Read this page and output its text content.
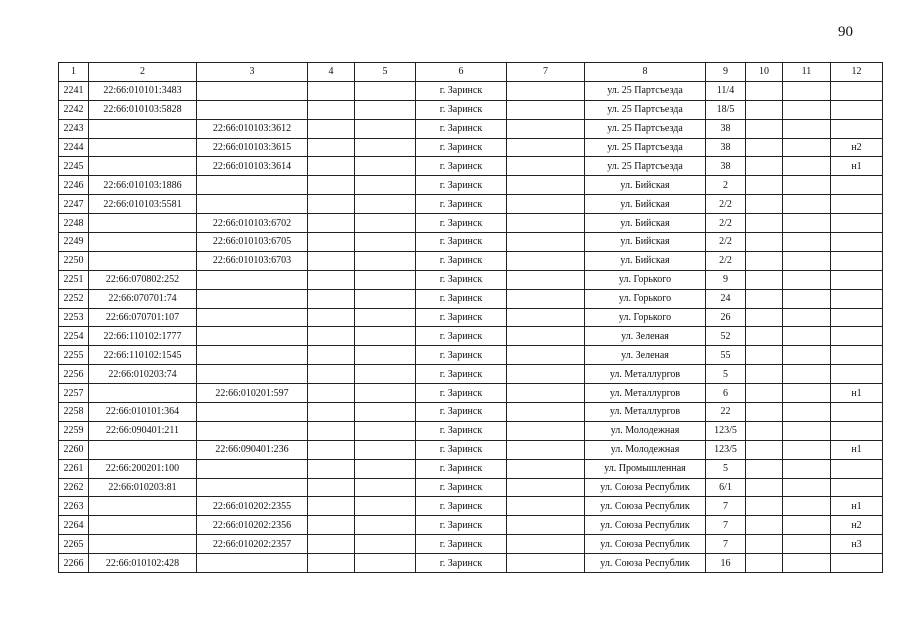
90
1	2	3	4	5	6	7	8	9	10	11	12
2241	22:66:010101:3483				г. Заринск		ул. 25 Партсъезда	11/4			
2242	22:66:010103:5828				г. Заринск		ул. 25 Партсъезда	18/5			
2243		22:66:010103:3612			г. Заринск		ул. 25 Партсъезда	38			
2244		22:66:010103:3615			г. Заринск		ул. 25 Партсъезда	38			н2
2245		22:66:010103:3614			г. Заринск		ул. 25 Партсъезда	38			н1
2246	22:66:010103:1886				г. Заринск		ул. Бийская	2			
2247	22:66:010103:5581				г. Заринск		ул. Бийская	2/2			
2248		22:66:010103:6702			г. Заринск		ул. Бийская	2/2			
2249		22:66:010103:6705			г. Заринск		ул. Бийская	2/2			
2250		22:66:010103:6703			г. Заринск		ул. Бийская	2/2			
2251	22:66:070802:252				г. Заринск		ул. Горького	9			
2252	22:66:070701:74				г. Заринск		ул. Горького	24			
2253	22:66:070701:107				г. Заринск		ул. Горького	26			
2254	22:66:110102:1777				г. Заринск		ул. Зеленая	52			
2255	22:66:110102:1545				г. Заринск		ул. Зеленая	55			
2256	22:66:010203:74				г. Заринск		ул. Металлургов	5			
2257		22:66:010201:597			г. Заринск		ул. Металлургов	6			н1
2258	22:66:010101:364				г. Заринск		ул. Металлургов	22			
2259	22:66:090401:211				г. Заринск		ул. Молодежная	123/5			
2260		22:66:090401:236			г. Заринск		ул. Молодежная	123/5			н1
2261	22:66:200201:100				г. Заринск		ул. Промышленная	5			
2262	22:66:010203:81				г. Заринск		ул. Союза Республик	6/1			
2263		22:66:010202:2355			г. Заринск		ул. Союза Республик	7			н1
2264		22:66:010202:2356			г. Заринск		ул. Союза Республик	7			н2
2265		22:66:010202:2357			г. Заринск		ул. Союза Республик	7			н3
2266	22:66:010102:428				г. Заринск		ул. Союза Республик	16			
